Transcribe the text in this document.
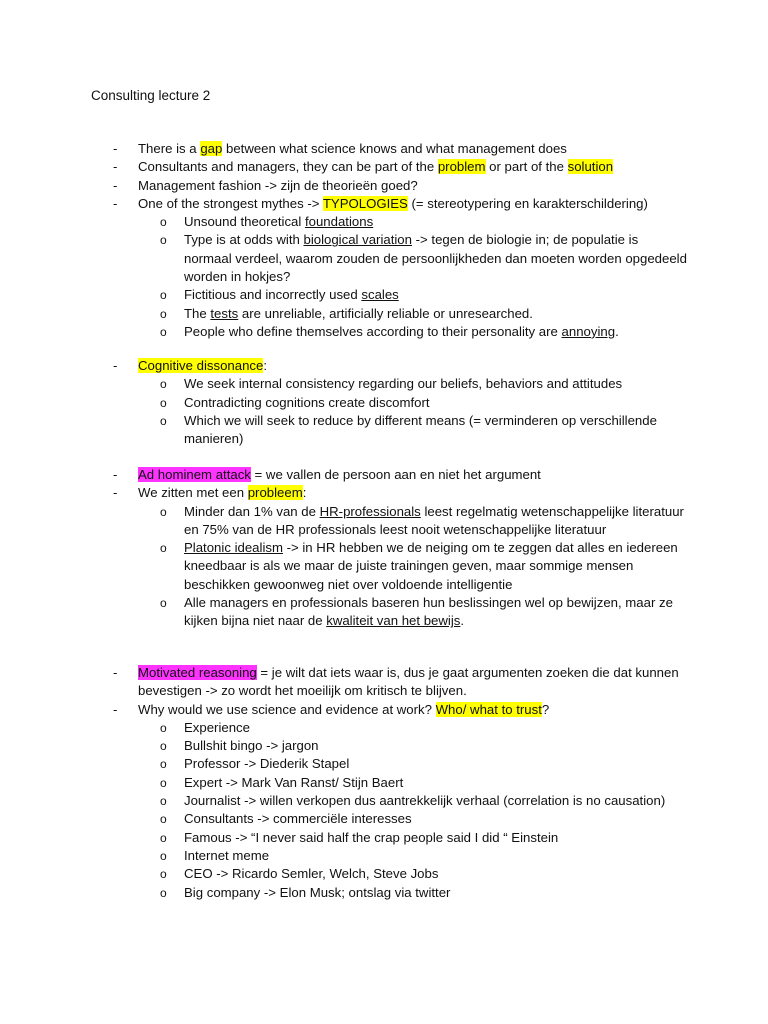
Consulting lecture 2
- There is a gap between what science knows and what management does
- Consultants and managers, they can be part of the problem or part of the solution
- Management fashion -> zijn de theorieën goed?
- One of the strongest mythes -> TYPOLOGIES (= stereotypering en karakterschildering)
o Unsound theoretical foundations
o Type is at odds with biological variation -> tegen de biologie in; de populatie is normaal verdeel, waarom zouden de persoonlijkheden dan moeten worden opgedeeld worden in hokjes?
o Fictitious and incorrectly used scales
o The tests are unreliable, artificially reliable or unresearched.
o People who define themselves according to their personality are annoying.
- Cognitive dissonance:
o We seek internal consistency regarding our beliefs, behaviors and attitudes
o Contradicting cognitions create discomfort
o Which we will seek to reduce by different means (= verminderen op verschillende manieren)
- Ad hominem attack = we vallen de persoon aan en niet het argument
- We zitten met een probleem:
o Minder dan 1% van de HR-professionals leest regelmatig wetenschappelijke literatuur en 75% van de HR professionals leest nooit wetenschappelijke literatuur
o Platonic idealism -> in HR hebben we de neiging om te zeggen dat alles en iedereen kneedbaar is als we maar de juiste trainingen geven, maar sommige mensen beschikken gewoonweg niet over voldoende intelligentie
o Alle managers en professionals baseren hun beslissingen wel op bewijzen, maar ze kijken bijna niet naar de kwaliteit van het bewijs.
- Motivated reasoning = je wilt dat iets waar is, dus je gaat argumenten zoeken die dat kunnen bevestigen -> zo wordt het moeilijk om kritisch te blijven.
- Why would we use science and evidence at work? Who/ what to trust?
o Experience
o Bullshit bingo -> jargon
o Professor -> Diederik Stapel
o Expert -> Mark Van Ranst/ Stijn Baert
o Journalist -> willen verkopen dus aantrekkelijk verhaal (correlation is no causation)
o Consultants -> commerciële interesses
o Famous -> “I never said half the crap people said I did “ Einstein
o Internet meme
o CEO -> Ricardo Semler, Welch, Steve Jobs
o Big company -> Elon Musk; ontslag via twitter
